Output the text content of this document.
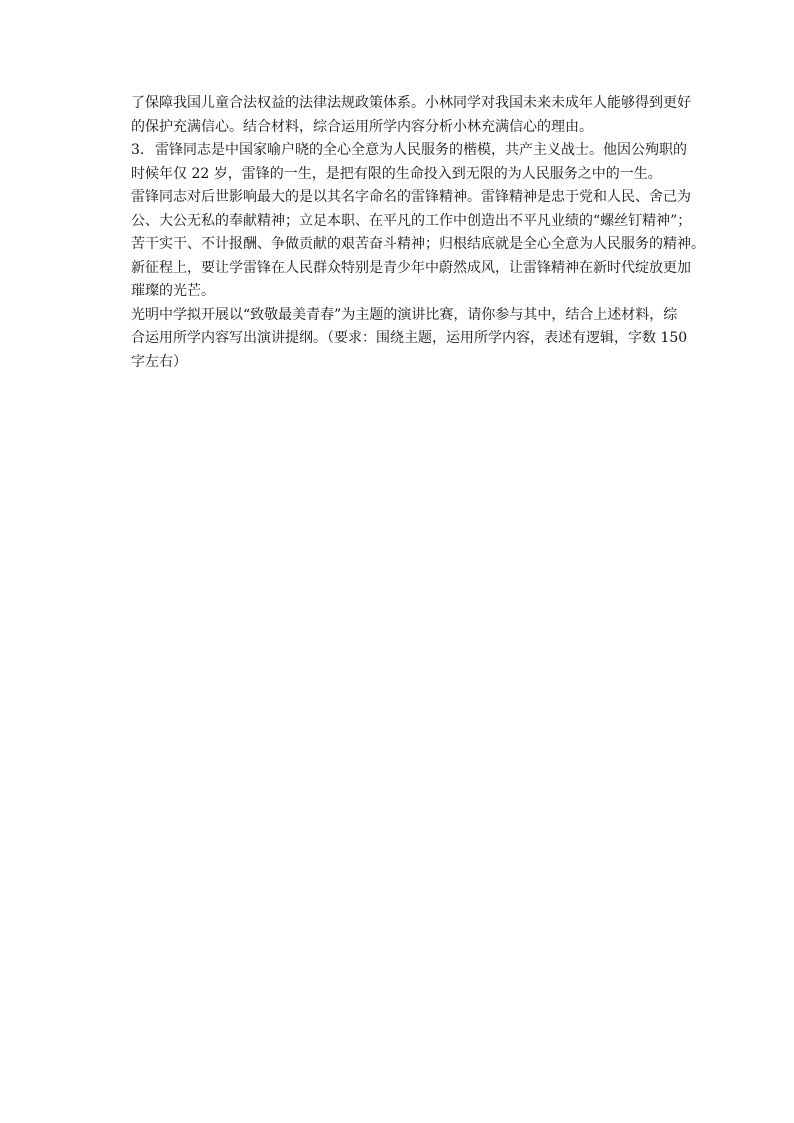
了保障我国儿童合法权益的法律法规政策体系。小林同学对我国未来未成年人能够得到更好
的保护充满信心。结合材料，综合运用所学内容分析小林充满信心的理由。
3. 雷锋同志是中国家喻户晓的全心全意为人民服务的楷模，共产主义战士。他因公殉职的
时候年仅 22 岁，雷锋的一生，是把有限的生命投入到无限的为人民服务之中的一生。
雷锋同志对后世影响最大的是以其名字命名的雷锋精神。雷锋精神是忠于党和人民、舍己为
公、大公无私的奉献精神；立足本职、在平凡的工作中创造出不平凡业绩的“螺丝钉精神”；
苦干实干、不计报酬、争做贡献的艰苦奋斗精神；归根结底就是全心全意为人民服务的精神。
新征程上，要让学雷锋在人民群众特别是青少年中蔚然成风，让雷锋精神在新时代绽放更加
璀璨的光芒。
光明中学拟开展以“致敬最美青春”为主题的演讲比赛，请你参与其中，结合上述材料，综
合运用所学内容写出演讲提纲。（要求：围绕主题，运用所学内容，表述有逻辑，字数 150
字左右）
